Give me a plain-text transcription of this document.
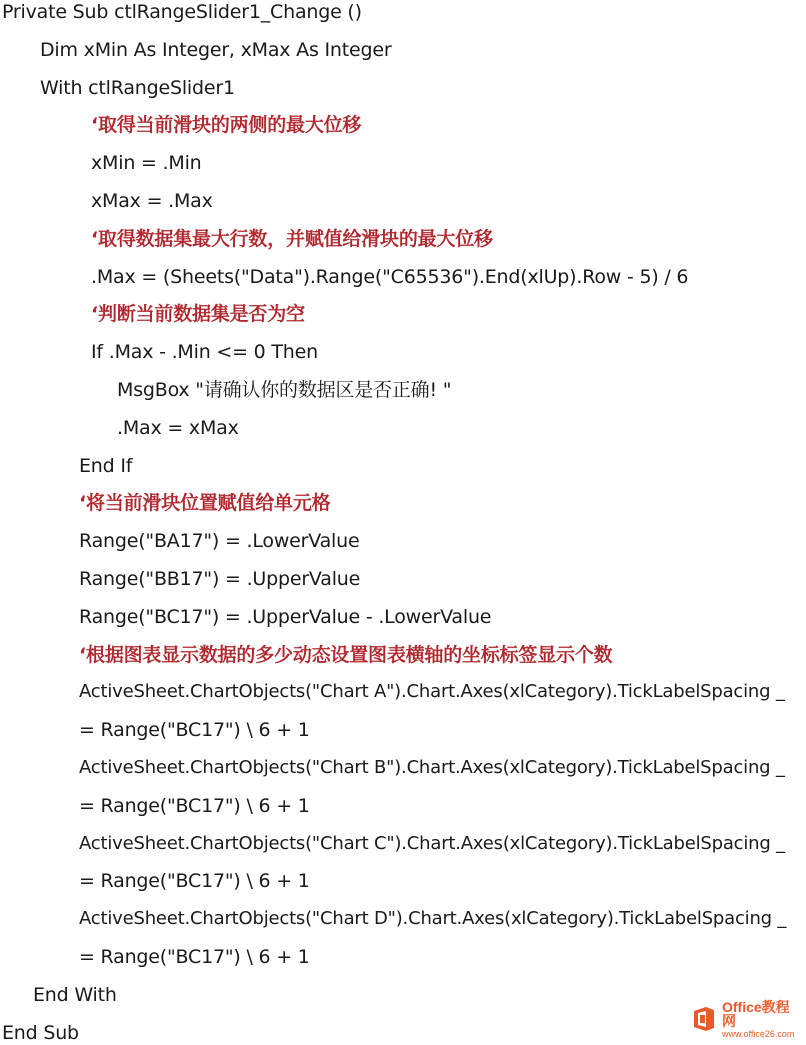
Private Sub ctlRangeSlider1_Change ()
Dim xMin As Integer, xMax As Integer
With ctlRangeSlider1
‘取得当前滑块的两侧的最大位移
xMin = .Min
xMax = .Max
‘取得数据集最大行数，并赋值给滑块的最大位移
.Max = (Sheets("Data").Range("C65536").End(xlUp).Row - 5) / 6
‘判断当前数据集是否为空
If .Max - .Min <= 0 Then
MsgBox "请确认你的数据区是否正确! "
.Max = xMax
End If
‘将当前滑块位置赋值给单元格
Range("BA17") = .LowerValue
Range("BB17") = .UpperValue
Range("BC17") = .UpperValue - .LowerValue
‘根据图表显示数据的多少动态设置图表横轴的坐标标签显示个数
ActiveSheet.ChartObjects("Chart A").Chart.Axes(xlCategory).TickLabelSpacing _
= Range("BC17") \ 6 + 1
ActiveSheet.ChartObjects("Chart B").Chart.Axes(xlCategory).TickLabelSpacing _
= Range("BC17") \ 6 + 1
ActiveSheet.ChartObjects("Chart C").Chart.Axes(xlCategory).TickLabelSpacing _
= Range("BC17") \ 6 + 1
ActiveSheet.ChartObjects("Chart D").Chart.Axes(xlCategory).TickLabelSpacing _
= Range("BC17") \ 6 + 1
End With
End Sub
Office教程网
www.office26.com
